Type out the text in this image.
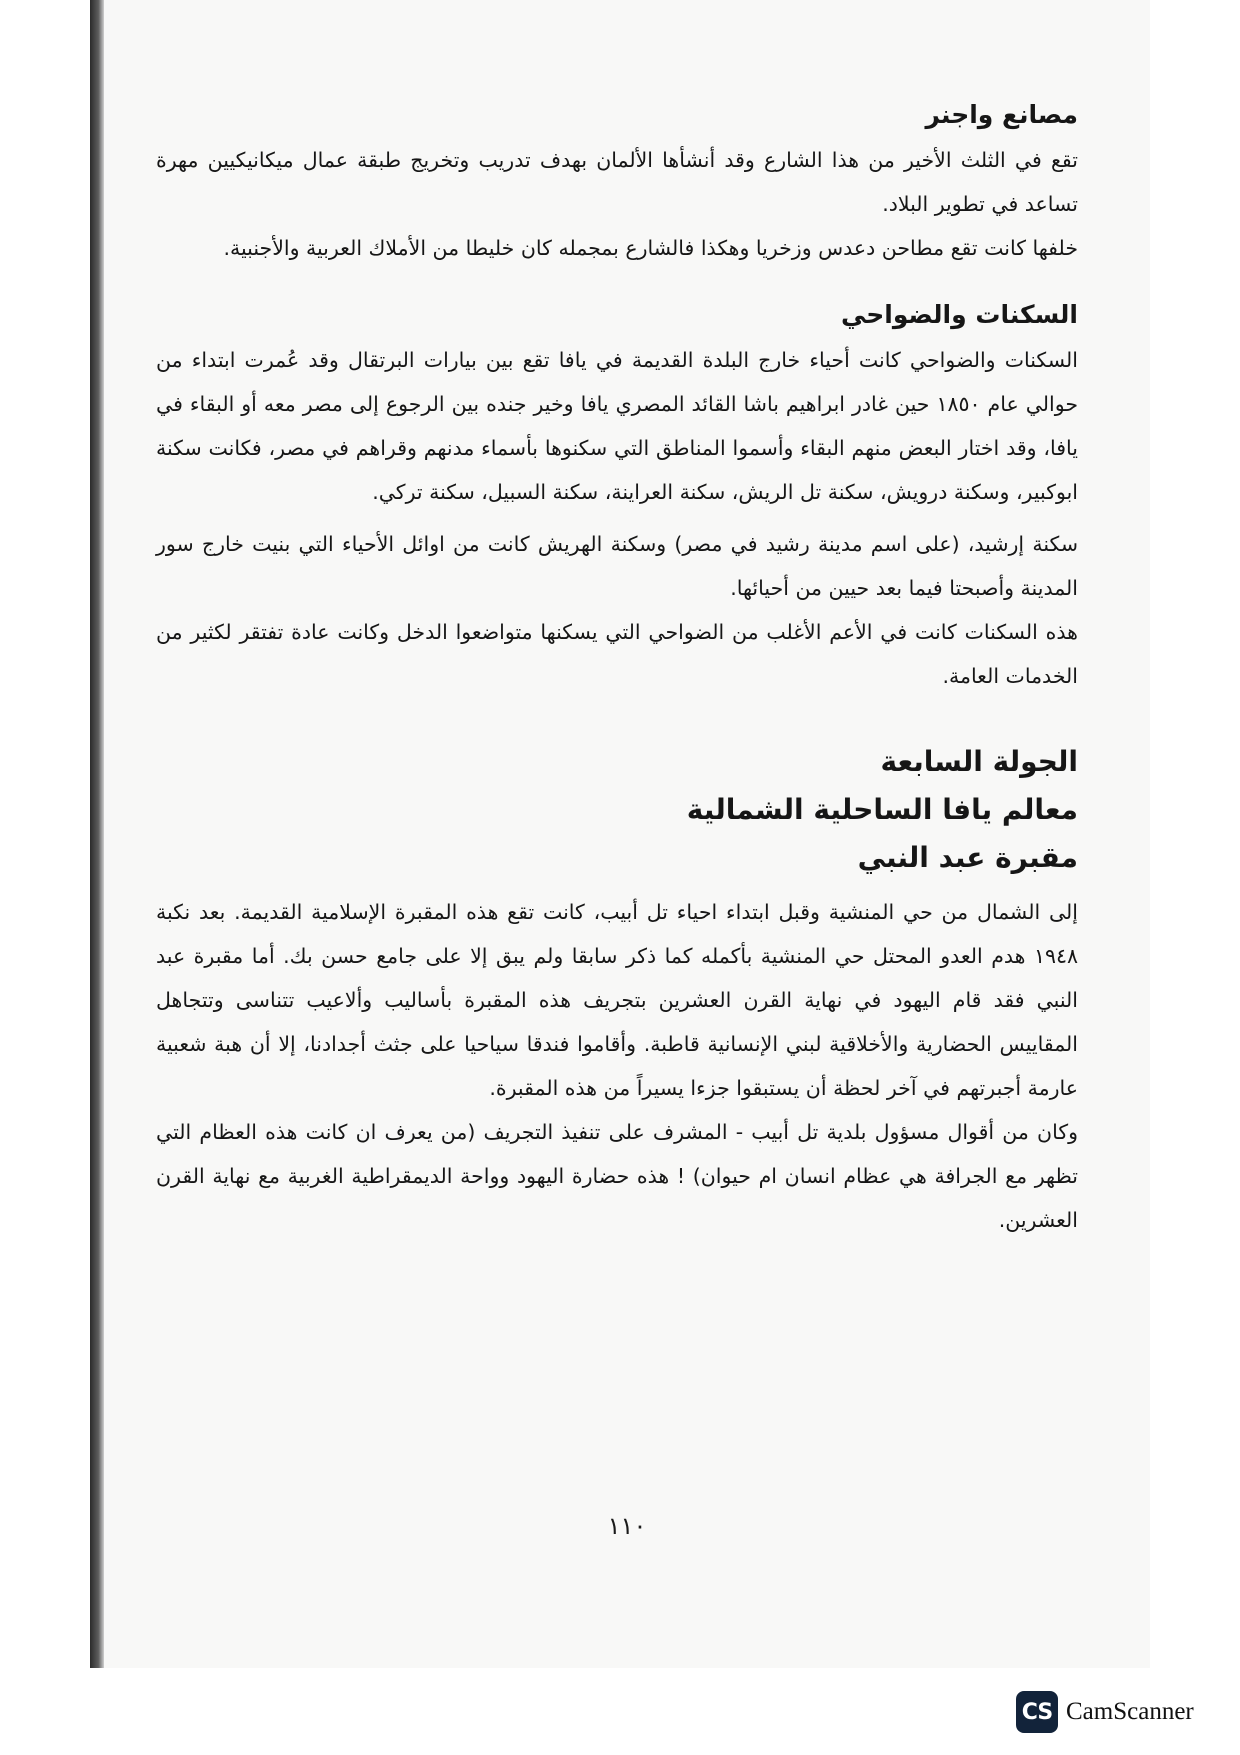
مصانع واجنر

تقع في الثلث الأخير من هذا الشارع وقد أنشأها الألمان بهدف تدريب وتخريج طبقة عمال ميكانيكيين مهرة تساعد في تطوير البلاد.

خلفها كانت تقع مطاحن دعدس وزخريا وهكذا فالشارع بمجمله كان خليطا من الأملاك العربية والأجنبية.

السكنات والضواحي

السكنات والضواحي كانت أحياء خارج البلدة القديمة في يافا تقع بين بيارات البرتقال وقد عُمرت ابتداء من حوالي عام ١٨٥٠ حين غادر ابراهيم باشا القائد المصري يافا وخير جنده بين الرجوع إلى مصر معه أو البقاء في يافا، وقد اختار البعض منهم البقاء وأسموا المناطق التي سكنوها بأسماء مدنهم وقراهم في مصر، فكانت سكنة ابوكبير، وسكنة درويش، سكنة تل الريش، سكنة العراينة، سكنة السبيل، سكنة تركي.

سكنة إرشيد، (على اسم مدينة رشيد في مصر) وسكنة الهريش كانت من اوائل الأحياء التي بنيت خارج سور المدينة وأصبحتا فيما بعد حيين من أحيائها.

هذه السكنات كانت في الأعم الأغلب من الضواحي التي يسكنها متواضعوا الدخل وكانت عادة تفتقر لكثير من الخدمات العامة.

الجولة السابعة
معالم يافا الساحلية الشمالية
مقبرة عبد النبي

إلى الشمال من حي المنشية وقبل ابتداء احياء تل أبيب، كانت تقع هذه المقبرة الإسلامية القديمة. بعد نكبة ١٩٤٨ هدم العدو المحتل حي المنشية بأكمله كما ذكر سابقا ولم يبق إلا على جامع حسن بك. أما مقبرة عبد النبي فقد قام اليهود في نهاية القرن العشرين بتجريف هذه المقبرة بأساليب وألاعيب تتناسى وتتجاهل المقاييس الحضارية والأخلاقية لبني الإنسانية قاطبة. وأقاموا فندقا سياحيا على جثث أجدادنا، إلا أن هبة شعبية عارمة أجبرتهم في آخر لحظة أن يستبقوا جزءا يسيراً من هذه المقبرة.

وكان من أقوال مسؤول بلدية تل أبيب - المشرف على تنفيذ التجريف (من يعرف ان كانت هذه العظام التي تظهر مع الجرافة هي عظام انسان ام حيوان) ! هذه حضارة اليهود وواحة الديمقراطية الغربية مع نهاية القرن العشرين.

١١٠
CS CamScanner
